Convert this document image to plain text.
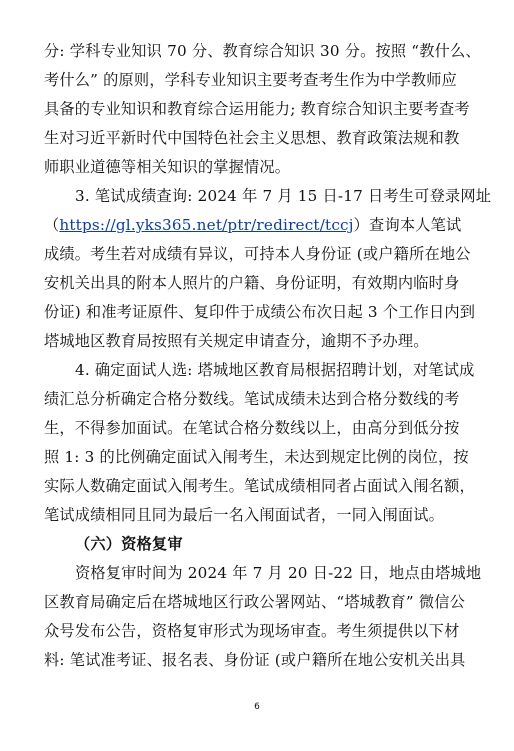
分: 学科专业知识 70 分、教育综合知识 30 分。按照 “教什么、
考什么” 的原则，学科专业知识主要考查考生作为中学教师应
具备的专业知识和教育综合运用能力; 教育综合知识主要考查考
生对习近平新时代中国特色社会主义思想、教育政策法规和教
师职业道德等相关知识的掌握情况。
3. 笔试成绩查询: 2024 年 7 月 15 日-17 日考生可登录网址
（https://gl.yks365.net/ptr/redirect/tccj）查询本人笔试
成绩。考生若对成绩有异议，可持本人身份证 (或户籍所在地公
安机关出具的附本人照片的户籍、身份证明，有效期内临时身
份证) 和准考证原件、复印件于成绩公布次日起 3 个工作日内到
塔城地区教育局按照有关规定申请查分，逾期不予办理。
4. 确定面试人选: 塔城地区教育局根据招聘计划，对笔试成
绩汇总分析确定合格分数线。笔试成绩未达到合格分数线的考
生，不得参加面试。在笔试合格分数线以上，由高分到低分按
照 1: 3 的比例确定面试入闱考生，未达到规定比例的岗位，按
实际人数确定面试入闱考生。笔试成绩相同者占面试入闱名额，
笔试成绩相同且同为最后一名入闱面试者，一同入闱面试。
（六）资格复审
资格复审时间为 2024 年 7 月 20 日-22 日，地点由塔城地
区教育局确定后在塔城地区行政公署网站、“塔城教育” 微信公
众号发布公告，资格复审形式为现场审查。考生须提供以下材
料: 笔试准考证、报名表、身份证 (或户籍所在地公安机关出具
6
